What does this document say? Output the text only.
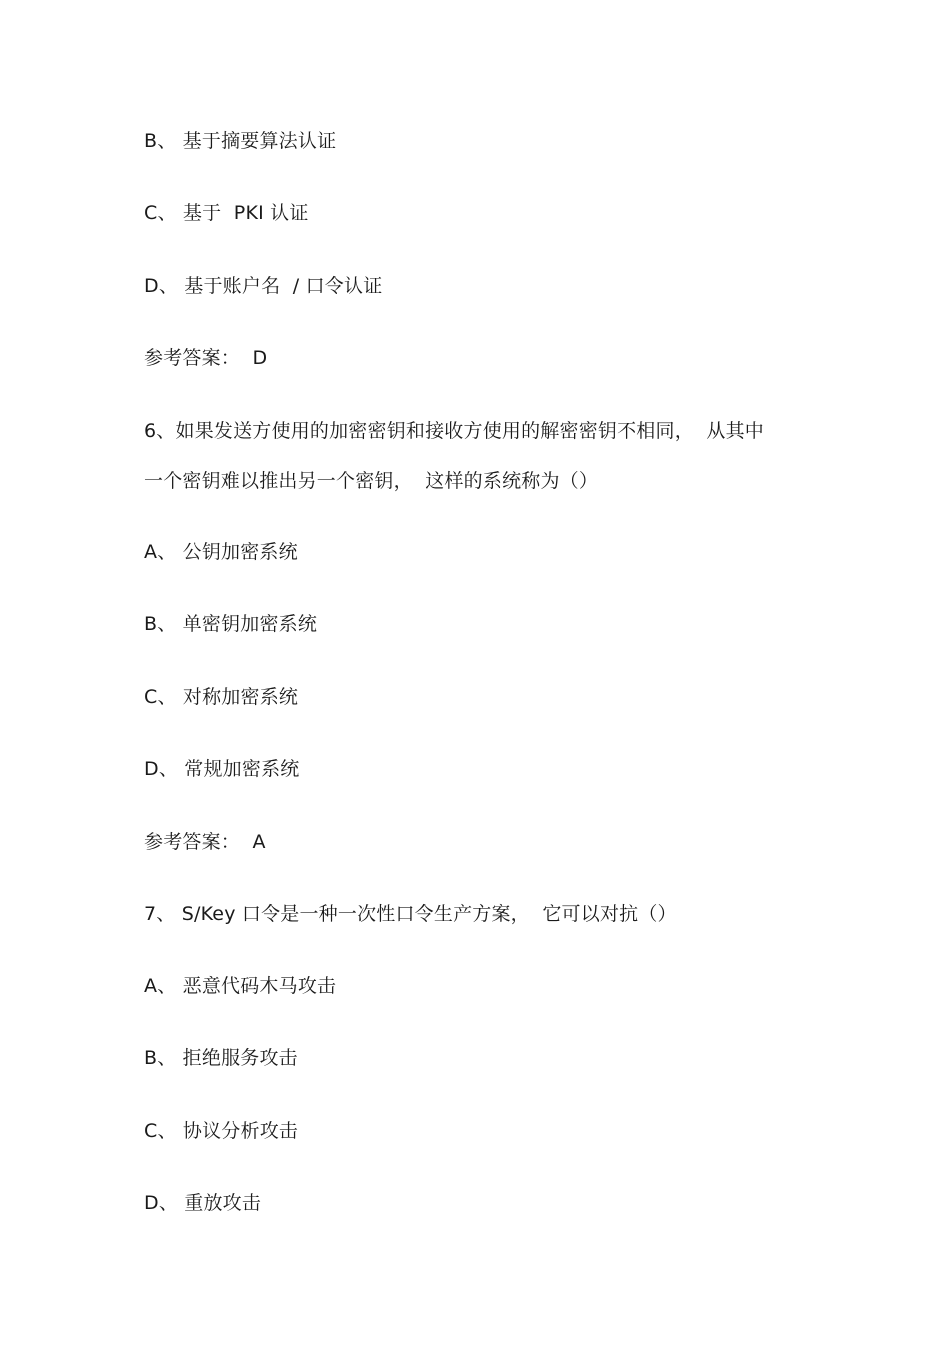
B、 基于摘要算法认证
C、 基于  PKI 认证
D、 基于账户名  / 口令认证
参考答案：  D
6、如果发送方使用的加密密钥和接收方使用的解密密钥不相同，  从其中
一个密钥难以推出另一个密钥，  这样的系统称为（）
A、 公钥加密系统
B、 单密钥加密系统
C、 对称加密系统
D、 常规加密系统
参考答案：  A
7、 S/Key 口令是一种一次性口令生产方案，  它可以对抗（）
A、 恶意代码木马攻击
B、 拒绝服务攻击
C、 协议分析攻击
D、 重放攻击
